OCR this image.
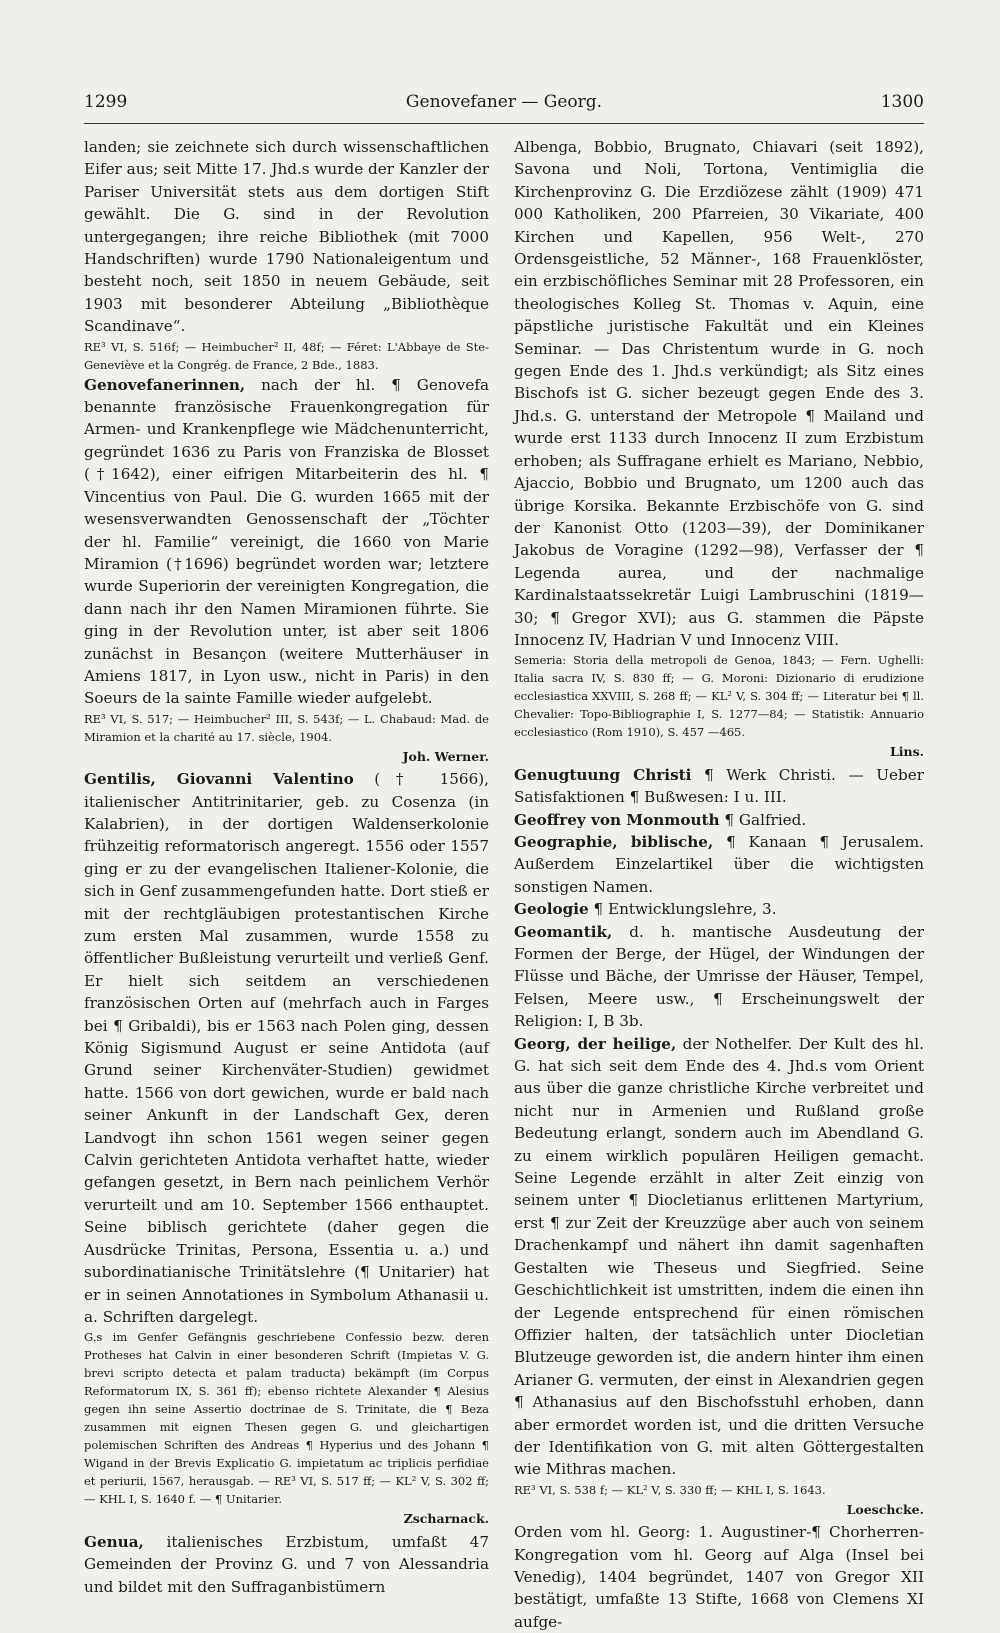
1299	Genovefaner — Georg.	1300

landen; sie zeichnete sich durch wissenschaftlichen Eifer aus; seit Mitte 17. Jhd.s wurde der Kanzler der Pariser Universität stets aus dem dortigen Stift gewählt. Die G. sind in der Revolution untergegangen; ihre reiche Bibliothek (mit 7000 Handschriften) wurde 1790 Nationaleigentum und besteht noch, seit 1850 in neuem Gebäude, seit 1903 mit besonderer Abteilung „Bibliothèque Scandinave“.

RE³ VI, S. 516f; — Heimbucher² II, 48f; — Féret: L'Abbaye de Ste-Geneviève et la Congrég. de France, 2 Bde., 1883.

Genovefanerinnen, nach der hl. ¶ Genovefa benannte französische Frauenkongregation für Armen- und Krankenpflege wie Mädchenunterricht, gegründet 1636 zu Paris von Franziska de Blosset (†1642), einer eifrigen Mitarbeiterin des hl. ¶ Vincentius von Paul. Die G. wurden 1665 mit der wesensverwandten Genossenschaft der „Töchter der hl. Familie“ vereinigt, die 1660 von Marie Miramion (†1696) begründet worden war; letztere wurde Superiorin der vereinigten Kongregation, die dann nach ihr den Namen Miramionen führte. Sie ging in der Revolution unter, ist aber seit 1806 zunächst in Besançon (weitere Mutterhäuser in Amiens 1817, in Lyon usw., nicht in Paris) in den Soeurs de la sainte Famille wieder aufgelebt.

RE³ VI, S. 517; — Heimbucher² III, S. 543f; — L. Chabaud: Mad. de Miramion et la charité au 17. siècle, 1904.

Joh. Werner.

Gentilis, Giovanni Valentino († 1566), italienischer Antitrinitarier, geb. zu Cosenza (in Kalabrien), in der dortigen Waldenserkolonie frühzeitig reformatorisch angeregt. 1556 oder 1557 ging er zu der evangelischen Italiener-Kolonie, die sich in Genf zusammengefunden hatte. Dort stieß er mit der rechtgläubigen protestantischen Kirche zum ersten Mal zusammen, wurde 1558 zu öffentlicher Bußleistung verurteilt und verließ Genf. Er hielt sich seitdem an verschiedenen französischen Orten auf (mehrfach auch in Farges bei ¶ Gribaldi), bis er 1563 nach Polen ging, dessen König Sigismund August er seine Antidota (auf Grund seiner Kirchenväter-Studien) gewidmet hatte. 1566 von dort gewichen, wurde er bald nach seiner Ankunft in der Landschaft Gex, deren Landvogt ihn schon 1561 wegen seiner gegen Calvin gerichteten Antidota verhaftet hatte, wieder gefangen gesetzt, in Bern nach peinlichem Verhör verurteilt und am 10. September 1566 enthauptet. Seine biblisch gerichtete (daher gegen die Ausdrücke Trinitas, Persona, Essentia u. a.) und subordinatianische Trinitätslehre (¶ Unitarier) hat er in seinen Annotationes in Symbolum Athanasii u. a. Schriften dargelegt.

G.s im Genfer Gefängnis geschriebene Confessio bezw. deren Protheses hat Calvin in einer besonderen Schrift (Impietas V. G. brevi scripto detecta et palam traducta) bekämpft (im Corpus Reformatorum IX, S. 361 ff); ebenso richtete Alexander ¶ Alesius gegen ihn seine Assertio doctrinae de S. Trinitate, die ¶ Beza zusammen mit eignen Thesen gegen G. und gleichartigen polemischen Schriften des Andreas ¶ Hyperius und des Johann ¶ Wigand in der Brevis Explicatio G. impietatum ac triplicis perfidiae et periurii, 1567, herausgab. — RE³ VI, S. 517 ff; — KL² V, S. 302 ff; — KHL I, S. 1640 f. — ¶ Unitarier.

Zscharnack.

Genua, italienisches Erzbistum, umfaßt 47 Gemeinden der Provinz G. und 7 von Alessandria und bildet mit den Suffraganbistümern

Albenga, Bobbio, Brugnato, Chiavari (seit 1892), Savona und Noli, Tortona, Ventimiglia die Kirchenprovinz G. Die Erzdiözese zählt (1909) 471 000 Katholiken, 200 Pfarreien, 30 Vikariate, 400 Kirchen und Kapellen, 956 Welt-, 270 Ordensgeistliche, 52 Männer-, 168 Frauenklöster, ein erzbischöfliches Seminar mit 28 Professoren, ein theologisches Kolleg St. Thomas v. Aquin, eine päpstliche juristische Fakultät und ein Kleines Seminar. — Das Christentum wurde in G. noch gegen Ende des 1. Jhd.s verkündigt; als Sitz eines Bischofs ist G. sicher bezeugt gegen Ende des 3. Jhd.s. G. unterstand der Metropole ¶ Mailand und wurde erst 1133 durch Innocenz II zum Erzbistum erhoben; als Suffragane erhielt es Mariano, Nebbio, Ajaccio, Bobbio und Brugnato, um 1200 auch das übrige Korsika. Bekannte Erzbischöfe von G. sind der Kanonist Otto (1203—39), der Dominikaner Jakobus de Voragine (1292—98), Verfasser der ¶ Legenda aurea, und der nachmalige Kardinalstaatssekretär Luigi Lambruschini (1819—30; ¶ Gregor XVI); aus G. stammen die Päpste Innocenz IV, Hadrian V und Innocenz VIII.

Semeria: Storia della metropoli de Genoa, 1843; — Fern. Ughelli: Italia sacra IV, S. 830 ff; — G. Moroni: Dizionario di erudizione ecclesiastica XXVIII, S. 268 ff; — KL² V, S. 304 ff; — Literatur bei ¶ ll. Chevalier: Topo-Bibliographie I, S. 1277—84; — Statistik: Annuario ecclesiastico (Rom 1910), S. 457 —465.

Lins.

Genugtuung Christi ¶ Werk Christi. — Ueber Satisfaktionen ¶ Bußwesen: I u. III.

Geoffrey von Monmouth ¶ Galfried.

Geographie, biblische, ¶ Kanaan ¶ Jerusalem. Außerdem Einzelartikel über die wichtigsten sonstigen Namen.

Geologie ¶ Entwicklungslehre, 3.

Geomantik, d. h. mantische Ausdeutung der Formen der Berge, der Hügel, der Windungen der Flüsse und Bäche, der Umrisse der Häuser, Tempel, Felsen, Meere usw., ¶ Erscheinungswelt der Religion: I, B 3b.

Georg, der heilige, der Nothelfer. Der Kult des hl. G. hat sich seit dem Ende des 4. Jhd.s vom Orient aus über die ganze christliche Kirche verbreitet und nicht nur in Armenien und Rußland große Bedeutung erlangt, sondern auch im Abendland G. zu einem wirklich populären Heiligen gemacht. Seine Legende erzählt in alter Zeit einzig von seinem unter ¶ Diocletianus erlittenen Martyrium, erst ¶ zur Zeit der Kreuzzüge aber auch von seinem Drachenkampf und nähert ihn damit sagenhaften Gestalten wie Theseus und Siegfried. Seine Geschichtlichkeit ist umstritten, indem die einen ihn der Legende entsprechend für einen römischen Offizier halten, der tatsächlich unter Diocletian Blutzeuge geworden ist, die andern hinter ihm einen Arianer G. vermuten, der einst in Alexandrien gegen ¶ Athanasius auf den Bischofsstuhl erhoben, dann aber ermordet worden ist, und die dritten Versuche der Identifikation von G. mit alten Göttergestalten wie Mithras machen.

RE³ VI, S. 538 f; — KL² V, S. 330 ff; — KHL I, S. 1643.

Loeschcke.

Orden vom hl. Georg: 1. Augustiner-¶ Chorherren-Kongregation vom hl. Georg auf Alga (Insel bei Venedig), 1404 begründet, 1407 von Gregor XII bestätigt, umfaßte 13 Stifte, 1668 von Clemens XI aufge-
